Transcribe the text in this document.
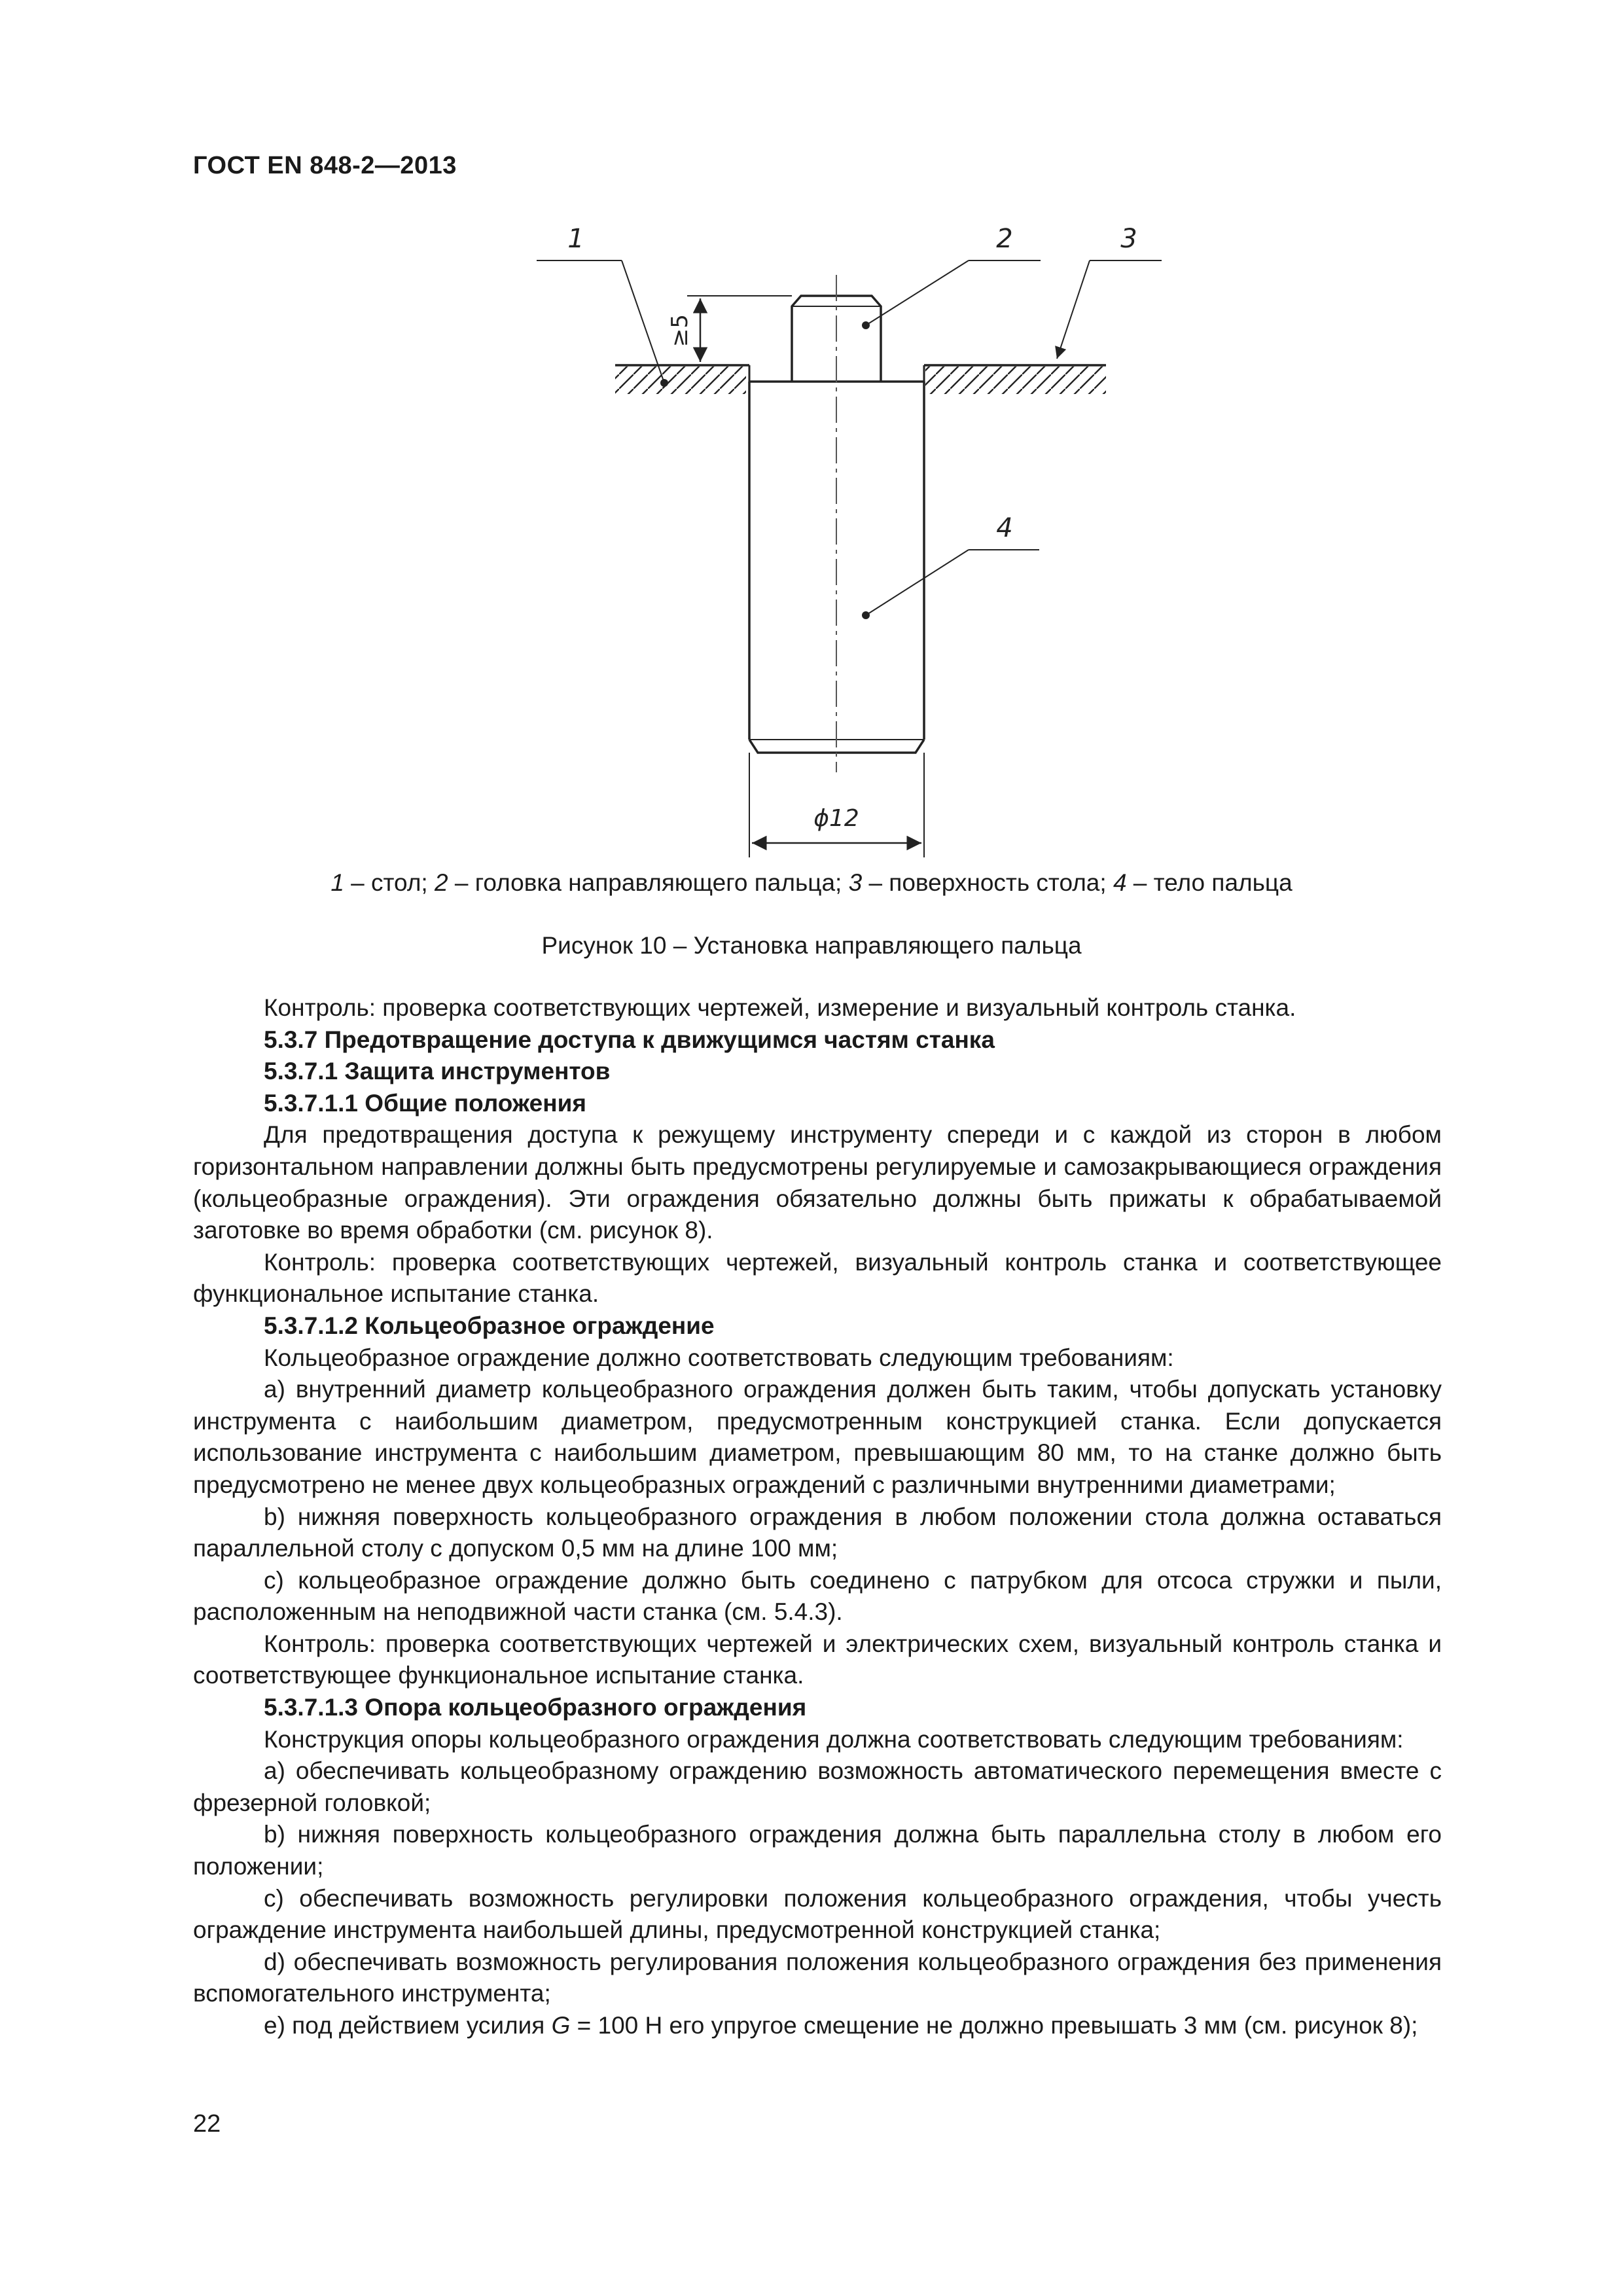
ГОСТ EN 848-2—2013
≥5
ϕ12
1	2	3
4
1 – стол; 2 – головка направляющего пальца; 3 – поверхность стола; 4 – тело пальца
Рисунок 10 – Установка направляющего пальца

Контроль: проверка соответствующих чертежей, измерение и визуальный контроль станка.

5.3.7 Предотвращение доступа к движущимся частям станка

5.3.7.1 Защита инструментов

5.3.7.1.1 Общие положения

Для предотвращения доступа к режущему инструменту спереди и с каждой из сторон в любом горизонтальном направлении должны быть предусмотрены регулируемые и самозакрывающиеся ограждения (кольцеобразные ограждения). Эти ограждения обязательно должны быть прижаты к обрабатываемой заготовке во время обработки (см. рисунок 8).

Контроль: проверка соответствующих чертежей, визуальный контроль станка и соответствующее функциональное испытание станка.

5.3.7.1.2 Кольцеобразное ограждение

Кольцеобразное ограждение должно соответствовать следующим требованиям:

a) внутренний диаметр кольцеобразного ограждения должен быть таким, чтобы допускать установку инструмента с наибольшим диаметром, предусмотренным конструкцией станка. Если допускается использование инструмента с наибольшим диаметром, превышающим 80 мм, то на станке должно быть предусмотрено не менее двух кольцеобразных ограждений с различными внутренними диаметрами;

b) нижняя поверхность кольцеобразного ограждения в любом положении стола должна оставаться параллельной столу с допуском 0,5 мм на длине 100 мм;

c) кольцеобразное ограждение должно быть соединено с патрубком для отсоса стружки и пыли, расположенным на неподвижной части станка (см. 5.4.3).

Контроль: проверка соответствующих чертежей и электрических схем, визуальный контроль станка и соответствующее функциональное испытание станка.

5.3.7.1.3 Опора кольцеобразного ограждения

Конструкция опоры кольцеобразного ограждения должна соответствовать следующим требованиям:

a) обеспечивать кольцеобразному ограждению возможность автоматического перемещения вместе с фрезерной головкой;

b) нижняя поверхность кольцеобразного ограждения должна быть параллельна столу в любом его положении;

c) обеспечивать возможность регулировки положения кольцеобразного ограждения, чтобы учесть ограждение инструмента наибольшей длины, предусмотренной конструкцией станка;

d) обеспечивать возможность регулирования положения кольцеобразного ограждения без применения вспомогательного инструмента;

e) под действием усилия G = 100 Н его упругое смещение не должно превышать 3 мм (см. рисунок 8);

22
